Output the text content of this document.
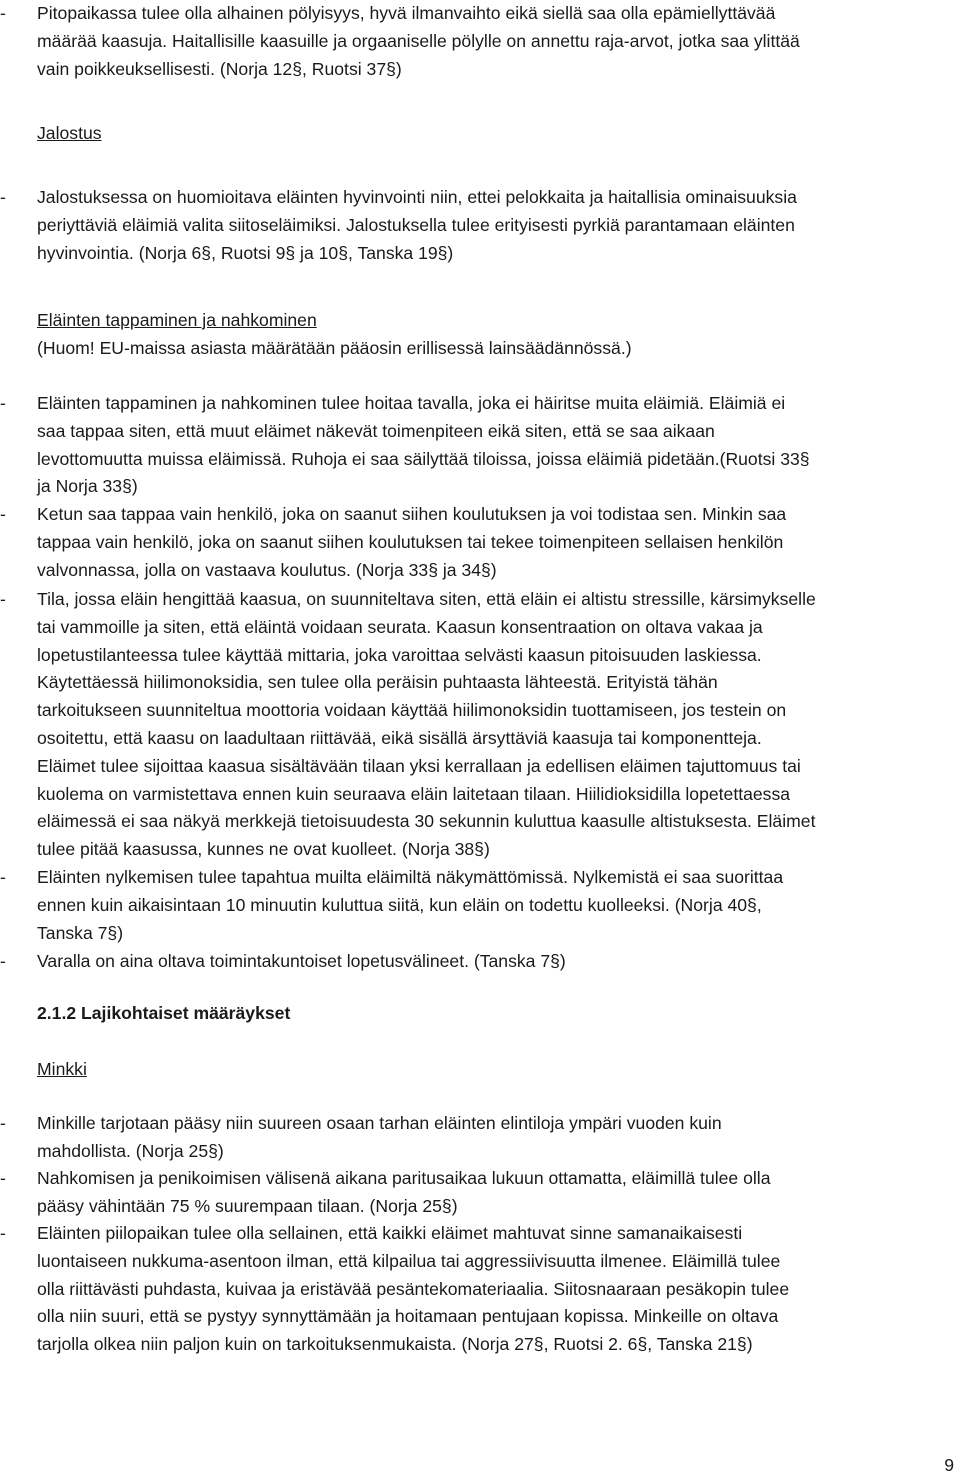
-	Pitopaikassa tulee olla alhainen pölyisyys, hyvä ilmanvaihto eikä siellä saa olla epämiellyttävää
määrää kaasuja. Haitallisille kaasuille ja orgaaniselle pölylle on annettu raja-arvot, jotka saa ylittää
vain poikkeuksellisesti. (Norja 12§, Ruotsi 37§)
Jalostus
-	Jalostuksessa on huomioitava eläinten hyvinvointi niin, ettei pelokkaita ja haitallisia ominaisuuksia
periyttäviä eläimiä valita siitoseläimiksi. Jalostuksella tulee erityisesti pyrkiä parantamaan eläinten
hyvinvointia. (Norja 6§, Ruotsi 9§ ja 10§, Tanska 19§)
Eläinten tappaminen ja nahkominen
(Huom! EU-maissa asiasta määrätään pääosin erillisessä lainsäädännössä.)
-	Eläinten tappaminen ja nahkominen tulee hoitaa tavalla, joka ei häiritse muita eläimiä. Eläimiä ei
saa tappaa siten, että muut eläimet näkevät toimenpiteen eikä siten, että se saa aikaan
levottomuutta muissa eläimissä. Ruhoja ei saa säilyttää tiloissa, joissa eläimiä pidetään.(Ruotsi 33§
ja Norja 33§)
-	Ketun saa tappaa vain henkilö, joka on saanut siihen koulutuksen ja voi todistaa sen. Minkin saa
tappaa vain henkilö, joka on saanut siihen koulutuksen tai tekee toimenpiteen sellaisen henkilön
valvonnassa, jolla on vastaava koulutus. (Norja 33§ ja 34§)
-	Tila, jossa eläin hengittää kaasua, on suunniteltava siten, että eläin ei altistu stressille, kärsimykselle
tai vammoille ja siten, että eläintä voidaan seurata. Kaasun konsentraation on oltava vakaa ja
lopetustilanteessa tulee käyttää mittaria, joka varoittaa selvästi kaasun pitoisuuden laskiessa.
Käytettäessä hiilimonoksidia, sen tulee olla peräisin puhtaasta lähteestä. Erityistä tähän
tarkoitukseen suunniteltua moottoria voidaan käyttää hiilimonoksidin tuottamiseen, jos testein on
osoitettu, että kaasu on laadultaan riittävää, eikä sisällä ärsyttäviä kaasuja tai komponentteja.
Eläimet tulee sijoittaa kaasua sisältävään tilaan yksi kerrallaan ja edellisen eläimen tajuttomuus tai
kuolema on varmistettava ennen kuin seuraava eläin laitetaan tilaan. Hiilidioksidilla lopetettaessa
eläimessä ei saa näkyä merkkejä tietoisuudesta 30 sekunnin kuluttua kaasulle altistuksesta. Eläimet
tulee pitää kaasussa, kunnes ne ovat kuolleet. (Norja 38§)
-	Eläinten nylkemisen tulee tapahtua muilta eläimiltä näkymättömissä. Nylkemistä ei saa suorittaa
ennen kuin aikaisintaan 10 minuutin kuluttua siitä, kun eläin on todettu kuolleeksi. (Norja 40§,
Tanska 7§)
-	Varalla on aina oltava toimintakuntoiset lopetusvälineet. (Tanska 7§)
2.1.2 Lajikohtaiset määräykset
Minkki
-	Minkille tarjotaan pääsy niin suureen osaan tarhan eläinten elintiloja ympäri vuoden kuin
mahdollista. (Norja 25§)
-	Nahkomisen ja penikoimisen välisenä aikana paritusaikaa lukuun ottamatta, eläimillä tulee olla
pääsy vähintään 75 % suurempaan tilaan. (Norja 25§)
-	Eläinten piilopaikan tulee olla sellainen, että kaikki eläimet mahtuvat sinne samanaikaisesti
luontaiseen nukkuma-asentoon ilman, että kilpailua tai aggressiivisuutta ilmenee. Eläimillä tulee
olla riittävästi puhdasta, kuivaa ja eristävää pesäntekomateriaalia. Siitosnaaraan pesäkopin tulee
olla niin suuri, että se pystyy synnyttämään ja hoitamaan pentujaan kopissa. Minkeille on oltava
tarjolla olkea niin paljon kuin on tarkoituksenmukaista. (Norja 27§, Ruotsi 2. 6§, Tanska 21§)
9
